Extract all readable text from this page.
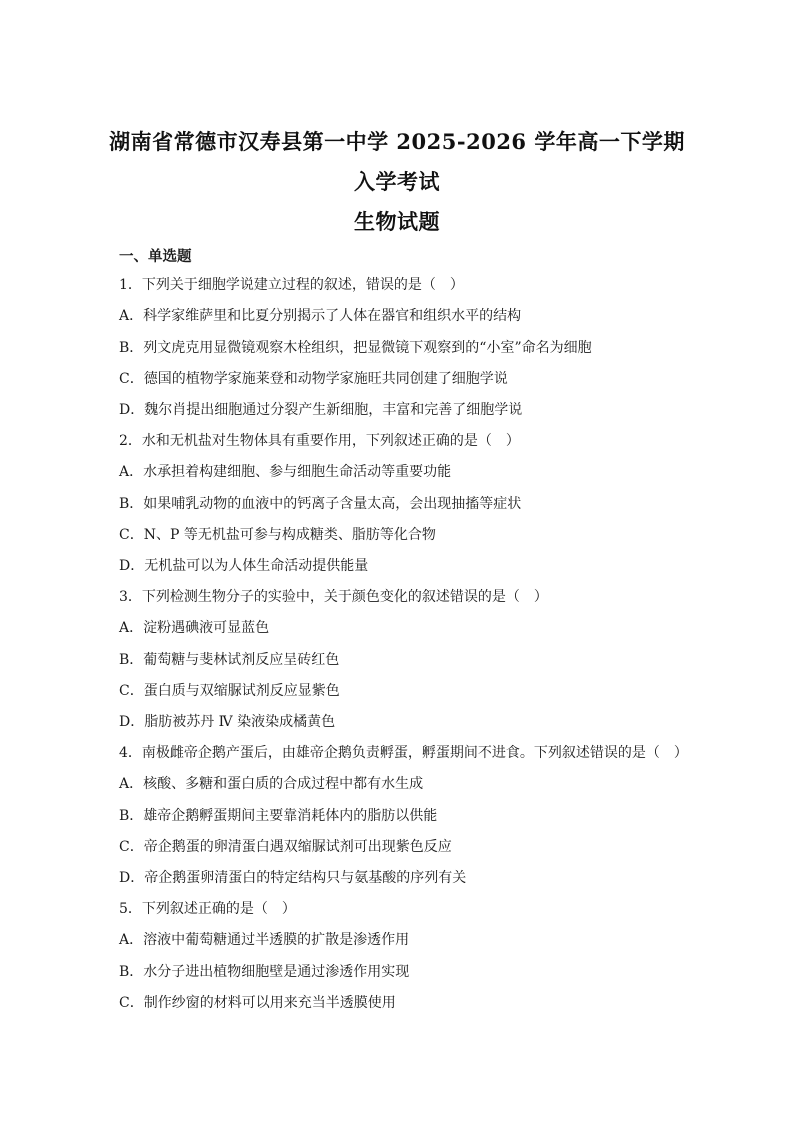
湖南省常德市汉寿县第一中学 2025-2026 学年高一下学期
入学考试
生物试题
一、单选题
1．下列关于细胞学说建立过程的叙述，错误的是（　）
A．科学家维萨里和比夏分别揭示了人体在器官和组织水平的结构
B．列文虎克用显微镜观察木栓组织，把显微镜下观察到的“小室”命名为细胞
C．德国的植物学家施莱登和动物学家施旺共同创建了细胞学说
D．魏尔肖提出细胞通过分裂产生新细胞，丰富和完善了细胞学说
2．水和无机盐对生物体具有重要作用，下列叙述正确的是（　）
A．水承担着构建细胞、参与细胞生命活动等重要功能
B．如果哺乳动物的血液中的钙离子含量太高，会出现抽搐等症状
C．N、P 等无机盐可参与构成糖类、脂肪等化合物
D．无机盐可以为人体生命活动提供能量
3．下列检测生物分子的实验中，关于颜色变化的叙述错误的是（　）
A．淀粉遇碘液可显蓝色
B．葡萄糖与斐林试剂反应呈砖红色
C．蛋白质与双缩脲试剂反应显紫色
D．脂肪被苏丹 Ⅳ 染液染成橘黄色
4．南极雌帝企鹅产蛋后，由雄帝企鹅负责孵蛋，孵蛋期间不进食。下列叙述错误的是（　）
A．核酸、多糖和蛋白质的合成过程中都有水生成
B．雄帝企鹅孵蛋期间主要靠消耗体内的脂肪以供能
C．帝企鹅蛋的卵清蛋白遇双缩脲试剂可出现紫色反应
D．帝企鹅蛋卵清蛋白的特定结构只与氨基酸的序列有关
5．下列叙述正确的是（　）
A．溶液中葡萄糖通过半透膜的扩散是渗透作用
B．水分子进出植物细胞壁是通过渗透作用实现
C．制作纱窗的材料可以用来充当半透膜使用
